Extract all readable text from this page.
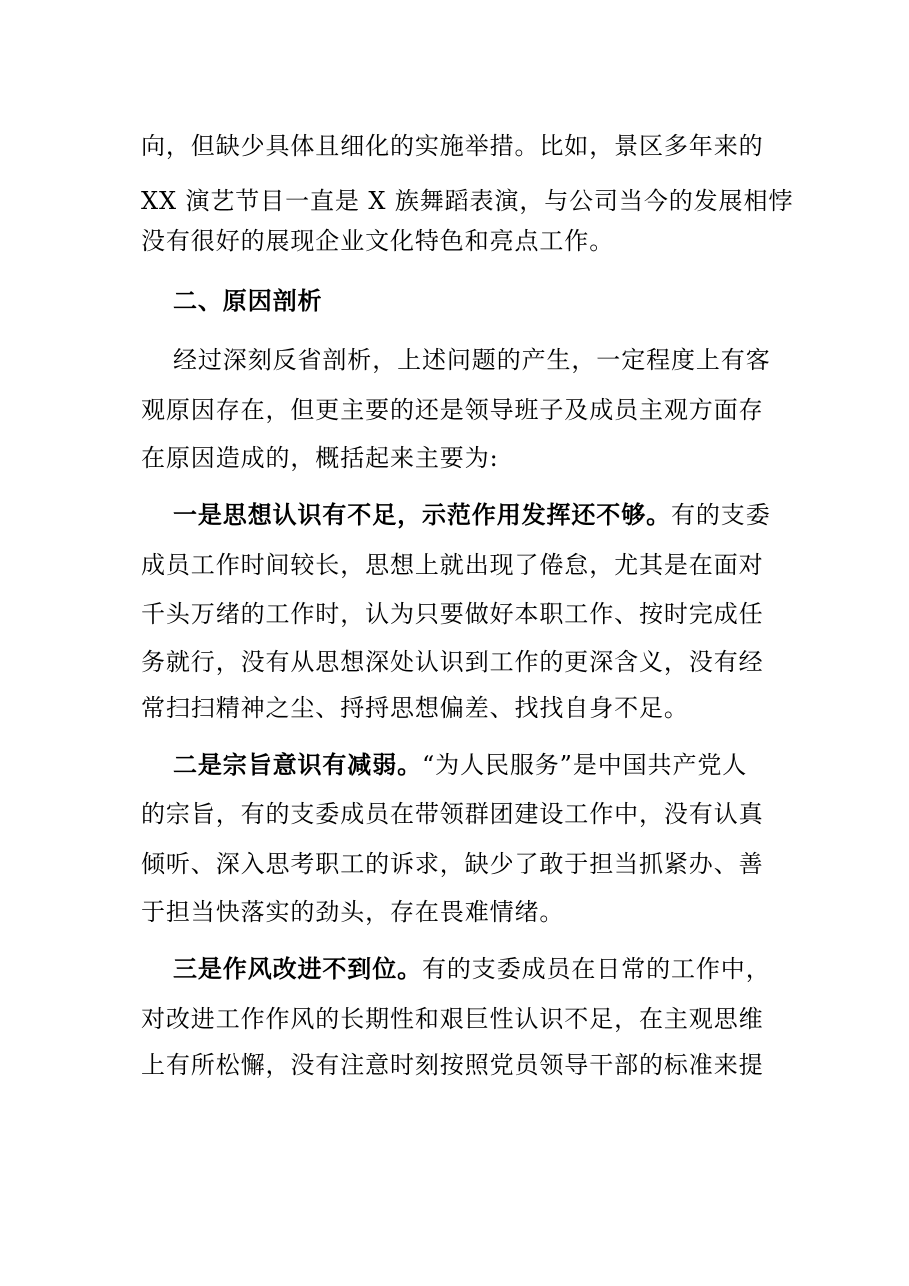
向，但缺少具体且细化的实施举措。比如，景区多年来的
XX 演艺节目一直是 X 族舞蹈表演，与公司当今的发展相悖
没有很好的展现企业文化特色和亮点工作。
二、原因剖析
经过深刻反省剖析，上述问题的产生，一定程度上有客
观原因存在，但更主要的还是领导班子及成员主观方面存
在原因造成的，概括起来主要为:
一是思想认识有不足，示范作用发挥还不够。有的支委
成员工作时间较长，思想上就出现了倦怠，尤其是在面对
千头万绪的工作时，认为只要做好本职工作、按时完成任
务就行，没有从思想深处认识到工作的更深含义，没有经
常扫扫精神之尘、捋捋思想偏差、找找自身不足。
二是宗旨意识有减弱。“为人民服务”是中国共产党人
的宗旨，有的支委成员在带领群团建设工作中，没有认真
倾听、深入思考职工的诉求，缺少了敢于担当抓紧办、善
于担当快落实的劲头，存在畏难情绪。
三是作风改进不到位。有的支委成员在日常的工作中，
对改进工作作风的长期性和艰巨性认识不足，在主观思维
上有所松懈，没有注意时刻按照党员领导干部的标准来提
